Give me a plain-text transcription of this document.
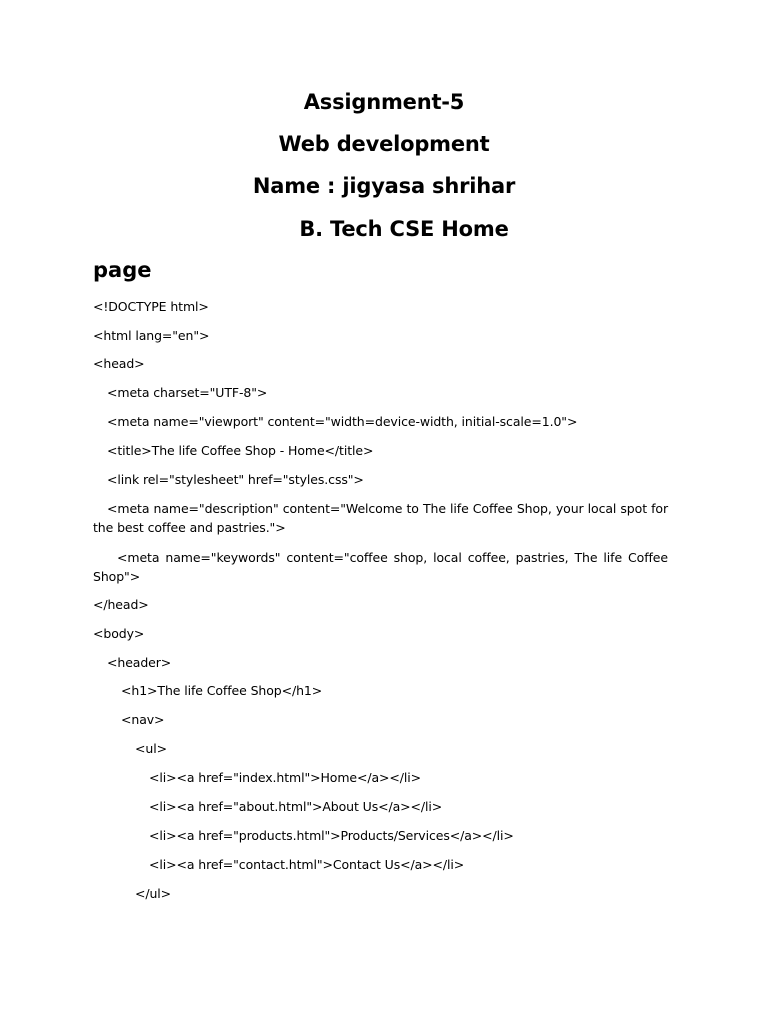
Assignment-5
Web development
Name : jigyasa shrihar
B. Tech CSE Home
page
<!DOCTYPE html>
<html lang="en">
<head>
<meta charset="UTF-8">
<meta name="viewport" content="width=device-width, initial-scale=1.0">
<title>The life Coffee Shop - Home</title>
<link rel="stylesheet" href="styles.css">
<meta name="description" content="Welcome to The life Coffee Shop, your local spot for the best coffee and pastries.">
<meta name="keywords" content="coffee shop, local coffee, pastries, The life Coffee Shop">
</head>
<body>
<header>
<h1>The life Coffee Shop</h1>
<nav>
<ul>
<li><a href="index.html">Home</a></li>
<li><a href="about.html">About Us</a></li>
<li><a href="products.html">Products/Services</a></li>
<li><a href="contact.html">Contact Us</a></li>
</ul>
